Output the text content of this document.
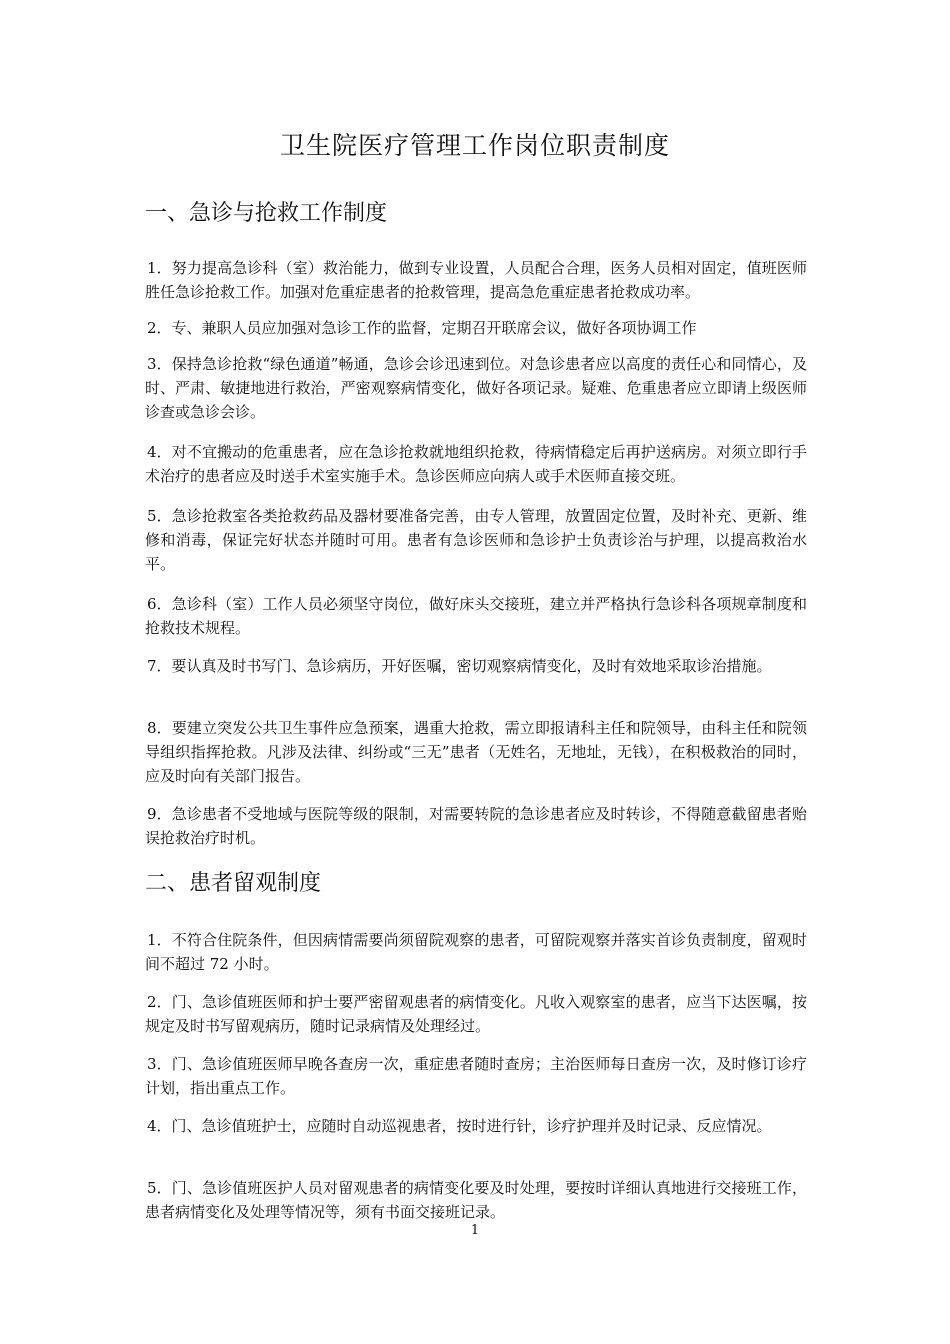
卫生院医疗管理工作岗位职责制度
一、急诊与抢救工作制度
1．努力提高急诊科（室）救治能力，做到专业设置，人员配合合理，医务人员相对固定，值班医师胜任急诊抢救工作。加强对危重症患者的抢救管理，提高急危重症患者抢救成功率。
2．专、兼职人员应加强对急诊工作的监督，定期召开联席会议，做好各项协调工作
3．保持急诊抢救“绿色通道”畅通，急诊会诊迅速到位。对急诊患者应以高度的责任心和同情心，及时、严肃、敏捷地进行救治，严密观察病情变化，做好各项记录。疑难、危重患者应立即请上级医师诊查或急诊会诊。
4．对不宜搬动的危重患者，应在急诊抢救就地组织抢救，待病情稳定后再护送病房。对须立即行手术治疗的患者应及时送手术室实施手术。急诊医师应向病人或手术医师直接交班。
5．急诊抢救室各类抢救药品及器材要准备完善，由专人管理，放置固定位置，及时补充、更新、维修和消毒，保证完好状态并随时可用。患者有急诊医师和急诊护士负责诊治与护理，以提高救治水平。
6．急诊科（室）工作人员必须坚守岗位，做好床头交接班，建立并严格执行急诊科各项规章制度和抢救技术规程。
7．要认真及时书写门、急诊病历，开好医嘱，密切观察病情变化，及时有效地采取诊治措施。
8．要建立突发公共卫生事件应急预案，遇重大抢救，需立即报请科主任和院领导，由科主任和院领导组织指挥抢救。凡涉及法律、纠纷或“三无”患者（无姓名，无地址，无钱），在积极救治的同时，应及时向有关部门报告。
9．急诊患者不受地域与医院等级的限制，对需要转院的急诊患者应及时转诊，不得随意截留患者贻误抢救治疗时机。
二、患者留观制度
1．不符合住院条件，但因病情需要尚须留院观察的患者，可留院观察并落实首诊负责制度，留观时间不超过 72 小时。
2．门、急诊值班医师和护士要严密留观患者的病情变化。凡收入观察室的患者，应当下达医嘱，按规定及时书写留观病历，随时记录病情及处理经过。
3．门、急诊值班医师早晚各查房一次，重症患者随时查房；主治医师每日查房一次，及时修订诊疗计划，指出重点工作。
4．门、急诊值班护士，应随时自动巡视患者，按时进行针，诊疗护理并及时记录、反应情况。
5．门、急诊值班医护人员对留观患者的病情变化要及时处理，要按时详细认真地进行交接班工作，患者病情变化及处理等情况等，须有书面交接班记录。
1
